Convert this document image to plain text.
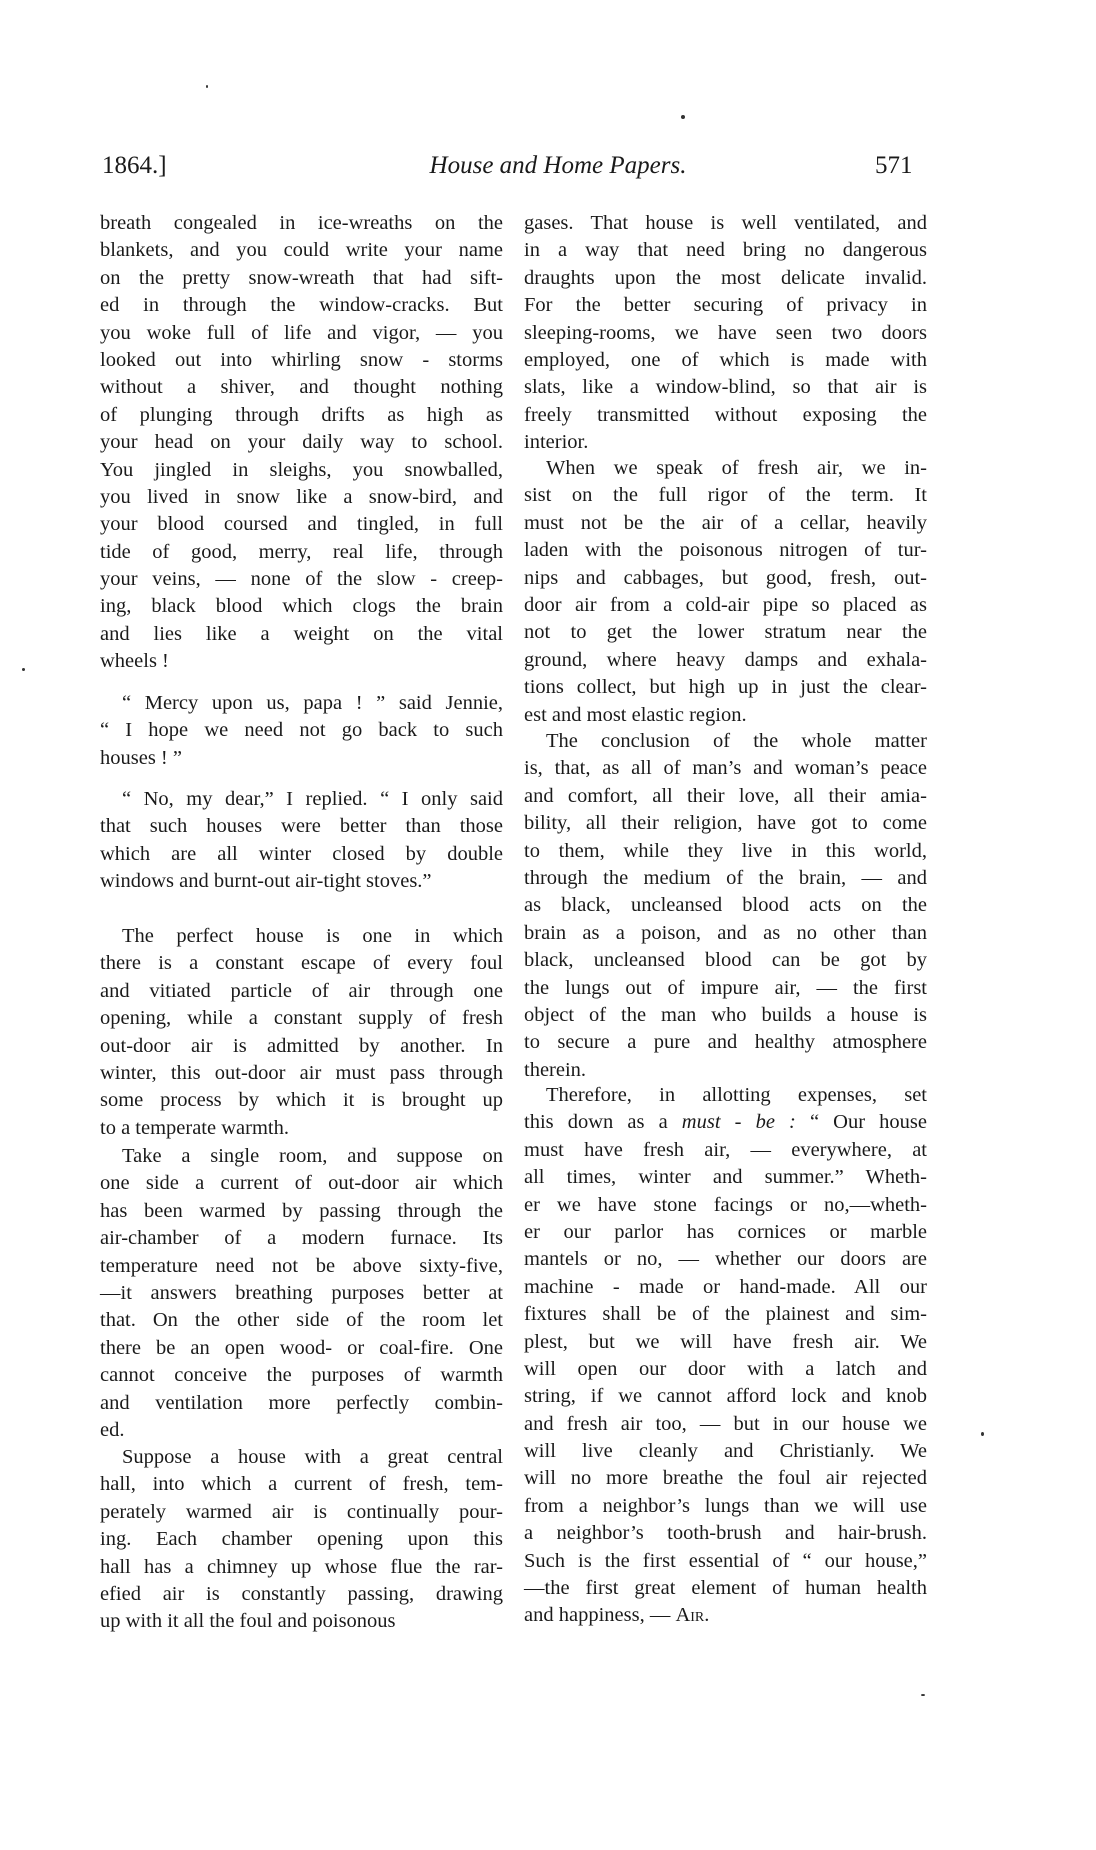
1864.]	House and Home Papers.	571
breath congealed in ice-wreaths on the
blankets, and you could write your name
on the pretty snow-wreath that had sift-
ed in through the window-cracks. But
you woke full of life and vigor, — you
looked out into whirling snow - storms
without a shiver, and thought nothing
of plunging through drifts as high as
your head on your daily way to school.
You jingled in sleighs, you snowballed,
you lived in snow like a snow-bird, and
your blood coursed and tingled, in full
tide of good, merry, real life, through
your veins, — none of the slow - creep-
ing, black blood which clogs the brain
and lies like a weight on the vital
wheels !
“ Mercy upon us, papa ! ” said Jennie,
“ I hope we need not go back to such
houses ! ”
“ No, my dear,” I replied. “ I only said
that such houses were better than those
which are all winter closed by double
windows and burnt-out air-tight stoves.”
The perfect house is one in which
there is a constant escape of every foul
and vitiated particle of air through one
opening, while a constant supply of fresh
out-door air is admitted by another. In
winter, this out-door air must pass through
some process by which it is brought up
to a temperate warmth.
Take a single room, and suppose on
one side a current of out-door air which
has been warmed by passing through the
air-chamber of a modern furnace. Its
temperature need not be above sixty-five,
—it answers breathing purposes better at
that. On the other side of the room let
there be an open wood- or coal-fire. One
cannot conceive the purposes of warmth
and ventilation more perfectly combin-
ed.
Suppose a house with a great central
hall, into which a current of fresh, tem-
perately warmed air is continually pour-
ing. Each chamber opening upon this
hall has a chimney up whose flue the rar-
efied air is constantly passing, drawing
up with it all the foul and poisonous
gases. That house is well ventilated, and
in a way that need bring no dangerous
draughts upon the most delicate invalid.
For the better securing of privacy in
sleeping-rooms, we have seen two doors
employed, one of which is made with
slats, like a window-blind, so that air is
freely transmitted without exposing the
interior.
When we speak of fresh air, we in-
sist on the full rigor of the term. It
must not be the air of a cellar, heavily
laden with the poisonous nitrogen of tur-
nips and cabbages, but good, fresh, out-
door air from a cold-air pipe so placed as
not to get the lower stratum near the
ground, where heavy damps and exhala-
tions collect, but high up in just the clear-
est and most elastic region.
The conclusion of the whole matter
is, that, as all of man’s and woman’s peace
and comfort, all their love, all their amia-
bility, all their religion, have got to come
to them, while they live in this world,
through the medium of the brain, — and
as black, uncleansed blood acts on the
brain as a poison, and as no other than
black, uncleansed blood can be got by
the lungs out of impure air, — the first
object of the man who builds a house is
to secure a pure and healthy atmosphere
therein.
Therefore, in allotting expenses, set
this down as a must - be : “ Our house
must have fresh air, — everywhere, at
all times, winter and summer.” Wheth-
er we have stone facings or no,—wheth-
er our parlor has cornices or marble
mantels or no, — whether our doors are
machine - made or hand-made. All our
fixtures shall be of the plainest and sim-
plest, but we will have fresh air. We
will open our door with a latch and
string, if we cannot afford lock and knob
and fresh air too, — but in our house we
will live cleanly and Christianly. We
will no more breathe the foul air rejected
from a neighbor’s lungs than we will use
a neighbor’s tooth-brush and hair-brush.
Such is the first essential of “ our house,”
—the first great element of human health
and happiness, — Air.
